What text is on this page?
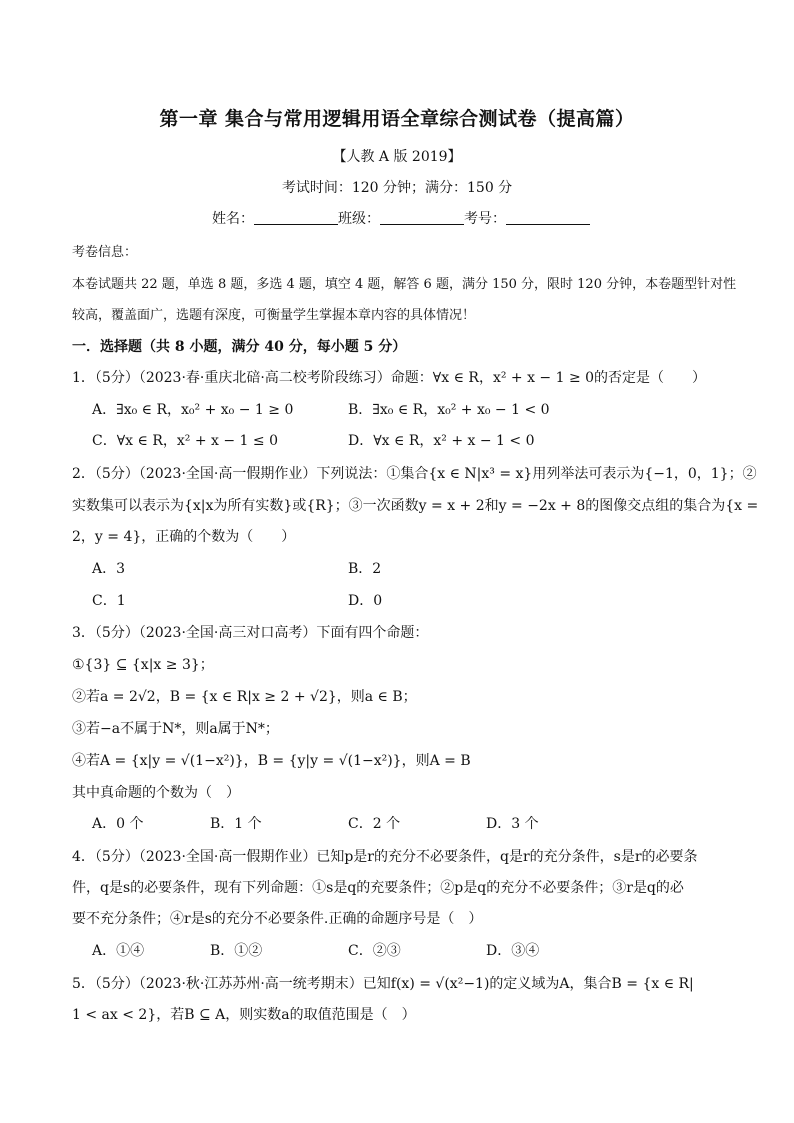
第一章 集合与常用逻辑用语全章综合测试卷（提高篇）
【人教 A 版 2019】
考试时间：120 分钟；满分：150 分
姓名：	班级：	考号：
考卷信息：
本卷试题共 22 题，单选 8 题，多选 4 题，填空 4 题，解答 6 题，满分 150 分，限时 120 分钟，本卷题型针对性
较高，覆盖面广，选题有深度，可衡量学生掌握本章内容的具体情况！
一．选择题（共 8 小题，满分 40 分，每小题 5 分）
1．（5分）（2023·春·重庆北碚·高二校考阶段练习）命题：∀x ∈ R，x² + x − 1 ≥ 0的否定是（　　）
A．∃x₀ ∈ R，x₀² + x₀ − 1 ≥ 0	B．∃x₀ ∈ R，x₀² + x₀ − 1 < 0
C．∀x ∈ R，x² + x − 1 ≤ 0	D．∀x ∈ R，x² + x − 1 < 0
2．（5分）（2023·全国·高一假期作业）下列说法：①集合{x ∈ N|x³ = x}用列举法可表示为{−1，0，1}；②
实数集可以表示为{x|x为所有实数}或{R}；③一次函数y = x + 2和y = −2x + 8的图像交点组的集合为{x =
2，y = 4}，正确的个数为（　　）
A．3	B．2
C．1	D．0
3．（5分）（2023·全国·高三对口高考）下面有四个命题：
①{3} ⊆ {x|x ≥ 3}；
②若a = 2√2，B = {x ∈ R|x ≥ 2 + √2}，则a ∈ B；
③若−a不属于N*，则a属于N*；
④若A = {x|y = √(1−x²)}，B = {y|y = √(1−x²)}，则A = B
其中真命题的个数为（　）
A．0 个	B．1 个	C．2 个	D．3 个
4．（5分）（2023·全国·高一假期作业）已知p是r的充分不必要条件，q是r的充分条件，s是r的必要条
件，q是s的必要条件，现有下列命题：①s是q的充要条件；②p是q的充分不必要条件；③r是q的必
要不充分条件；④r是s的充分不必要条件.正确的命题序号是（　）
A．①④	B．①②	C．②③	D．③④
5．（5分）（2023·秋·江苏苏州·高一统考期末）已知f(x) = √(x²−1)的定义域为A，集合B = {x ∈ R|
1 < ax < 2}，若B ⊆ A，则实数a的取值范围是（　）
